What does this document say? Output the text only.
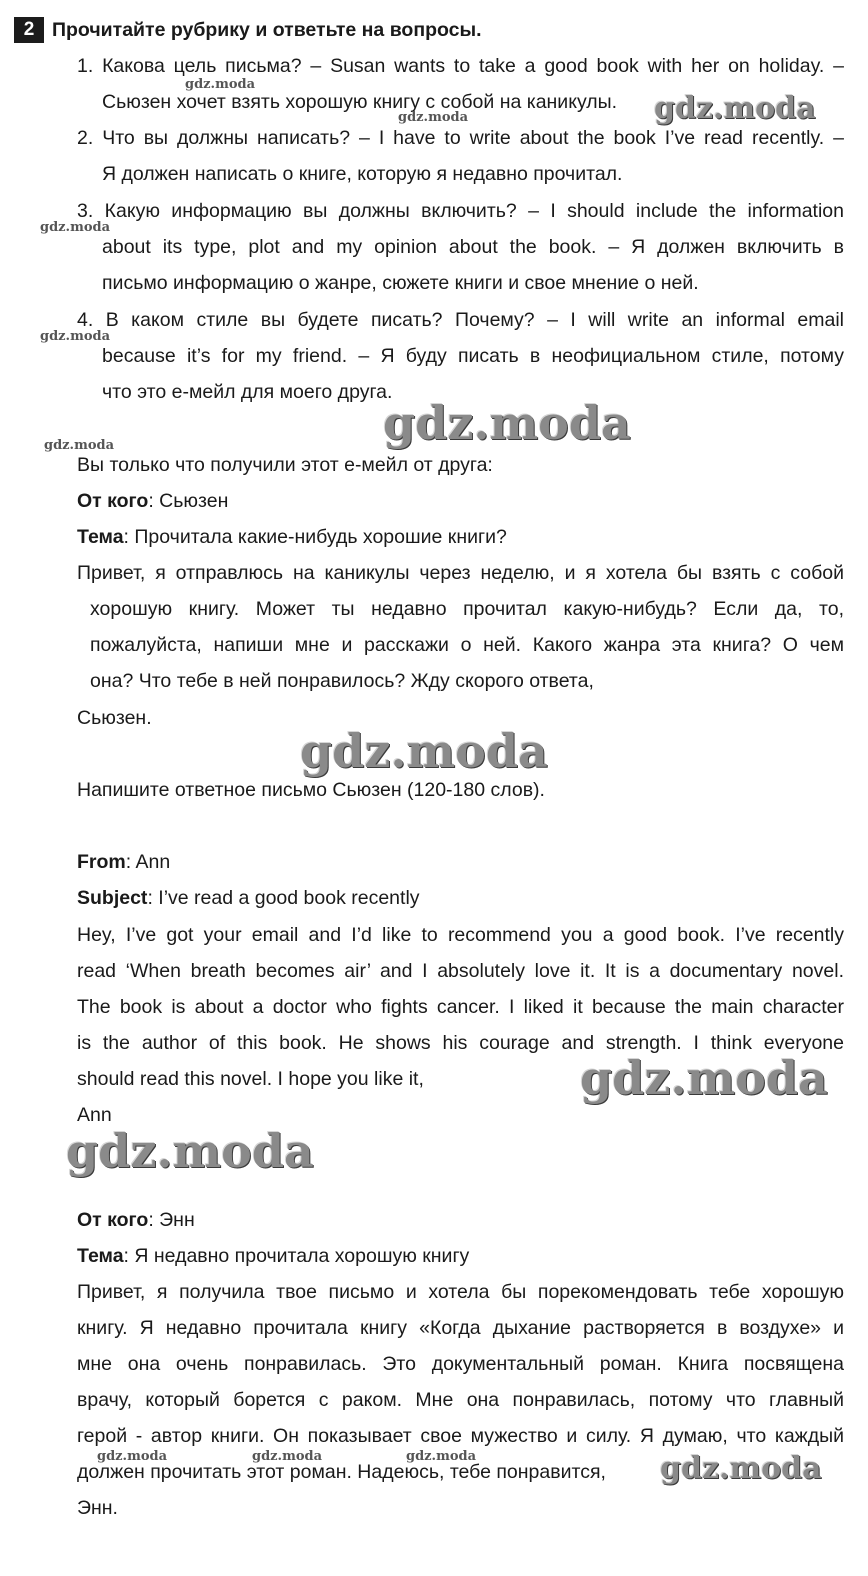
2 Прочитайте рубрику и ответьте на вопросы.
1. Какова цель письма? – Susan wants to take a good book with her on holiday. –
Сьюзен хочет взять хорошую книгу с собой на каникулы.
2. Что вы должны написать? – I have to write about the book I’ve read recently. –
Я должен написать о книге, которую я недавно прочитал.
3. Какую информацию вы должны включить? – I should include the information
about its type, plot and my opinion about the book. – Я должен включить в
письмо информацию о жанре, сюжете книги и свое мнение о ней.
4. В каком стиле вы будете писать? Почему? – I will write an informal email
because it’s for my friend. – Я буду писать в неофициальном стиле, потому
что это е-мейл для моего друга.
Вы только что получили этот е-мейл от друга:
От кого: Сьюзен
Тема: Прочитала какие-нибудь хорошие книги?
Привет, я отправлюсь на каникулы через неделю, и я хотела бы взять с собой
хорошую книгу. Может ты недавно прочитал какую-нибудь? Если да, то,
пожалуйста, напиши мне и расскажи о ней. Какого жанра эта книга? О чем
она? Что тебе в ней понравилось? Жду скорого ответа,
Сьюзен.
Напишите ответное письмо Сьюзен (120-180 слов).
From: Ann
Subject: I’ve read a good book recently
Hey, I’ve got your email and I’d like to recommend you a good book. I’ve recently
read ‘When breath becomes air’ and I absolutely love it. It is a documentary novel.
The book is about a doctor who fights cancer. I liked it because the main character
is the author of this book. He shows his courage and strength. I think everyone
should read this novel. I hope you like it,
Ann
От кого: Энн
Тема: Я недавно прочитала хорошую книгу
Привет, я получила твое письмо и хотела бы порекомендовать тебе хорошую
книгу. Я недавно прочитала книгу «Когда дыхание растворяется в воздухе» и
мне она очень понравилась. Это документальный роман. Книга посвящена
врачу, который борется с раком. Мне она понравилась, потому что главный
герой - автор книги. Он показывает свое мужество и силу. Я думаю, что каждый
должен прочитать этот роман. Надеюсь, тебе понравится,
Энн.
gdz.moda
gdz.moda	gdz.moda
gdz.moda
gdz.moda
gdz.moda
gdz.moda
gdz.moda
gdz.moda
gdz.moda
gdz.moda	gdz.moda	gdz.moda	gdz.moda
